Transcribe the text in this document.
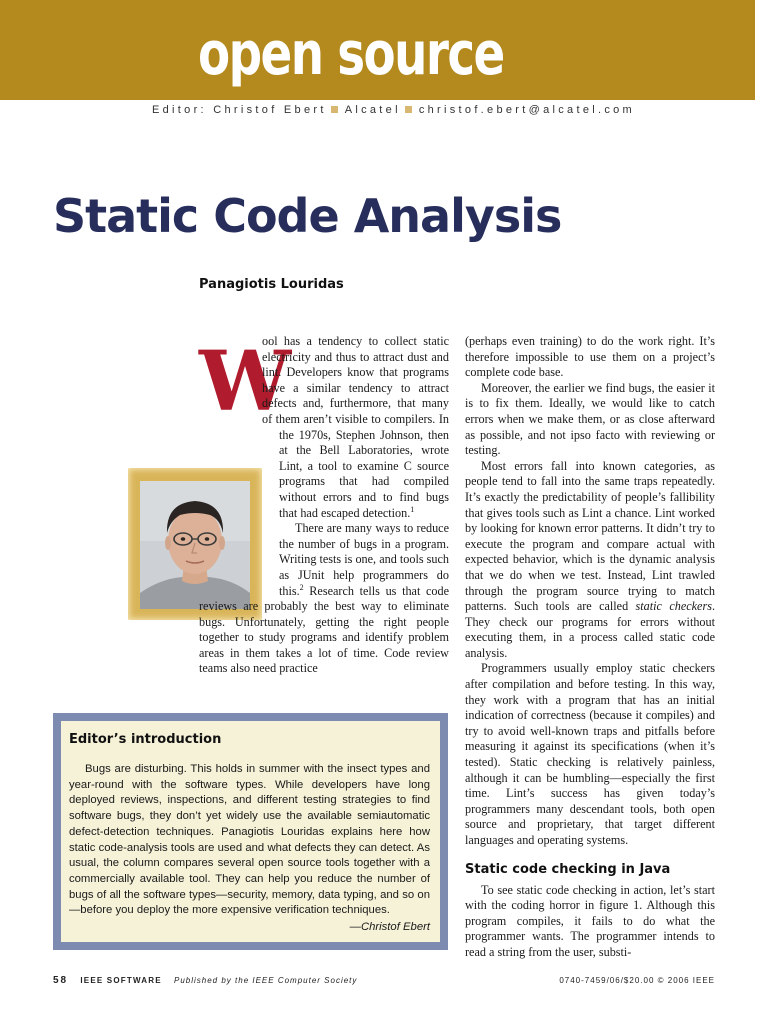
open source
Editor: Christof Ebert Alcatel christof.ebert@alcatel.com
Static Code Analysis
Panagiotis Louridas

W
ool has a tendency to collect static electricity and thus to attract dust and lint. Developers know that programs have a similar tendency to attract defects and, furthermore, that many of them aren’t visible to compilers. In the 1970s, Stephen Johnson, then at the Bell Laboratories, wrote Lint, a tool to examine C source programs that had compiled without errors and to find bugs that had escaped detection.$^1$

There are many ways to reduce the number of bugs in a program. Writing tests is one, and tools such as JUnit help programmers do this.$^2$ Research tells us that code reviews are probably the best way to eliminate bugs. Unfortunately, getting the right people together to study programs and identify problem areas in them takes a lot of time. Code review teams also need practice

(perhaps even training) to do the work right. It’s therefore impossible to use them on a project’s complete code base.

Moreover, the earlier we find bugs, the easier it is to fix them. Ideally, we would like to catch errors when we make them, or as close afterward as possible, and not ipso facto with reviewing or testing.

Most errors fall into known categories, as people tend to fall into the same traps repeatedly. It’s exactly the predictability of people’s fallibility that gives tools such as Lint a chance. Lint worked by looking for known error patterns. It didn’t try to execute the program and compare actual with expected behavior, which is the dynamic analysis that we do when we test. Instead, Lint trawled through the program source trying to match patterns. Such tools are called static checkers. They check our programs for errors without executing them, in a process called static code analysis.

Programmers usually employ static checkers after compilation and before testing. In this way, they work with a program that has an initial indication of correctness (because it compiles) and try to avoid well-known traps and pitfalls before measuring it against its specifications (when it’s tested). Static checking is relatively painless, although it can be humbling—especially the first time. Lint’s success has given today’s programmers many descendant tools, both open source and proprietary, that target different languages and operating systems.

Static code checking in Java

To see static code checking in action, let’s start with the coding horror in figure 1. Although this program compiles, it fails to do what the programmer wants. The programmer intends to read a string from the user, substi-

Editor’s introduction

Bugs are disturbing. This holds in summer with the insect types and year-round with the software types. While developers have long deployed reviews, inspections, and different testing strategies to find software bugs, they don’t yet widely use the available semiautomatic defect-detection techniques. Panagiotis Louridas explains here how static code-analysis tools are used and what defects they can detect. As usual, the column compares several open source tools together with a commercially available tool. They can help you reduce the number of bugs of all the software types—security, memory, data typing, and so on—before you deploy the more expensive verification techniques.

—Christof Ebert

58 IEEE SOFTWARE Published by the IEEE Computer Society	0740-7459/06/$20.00 © 2006 IEEE
